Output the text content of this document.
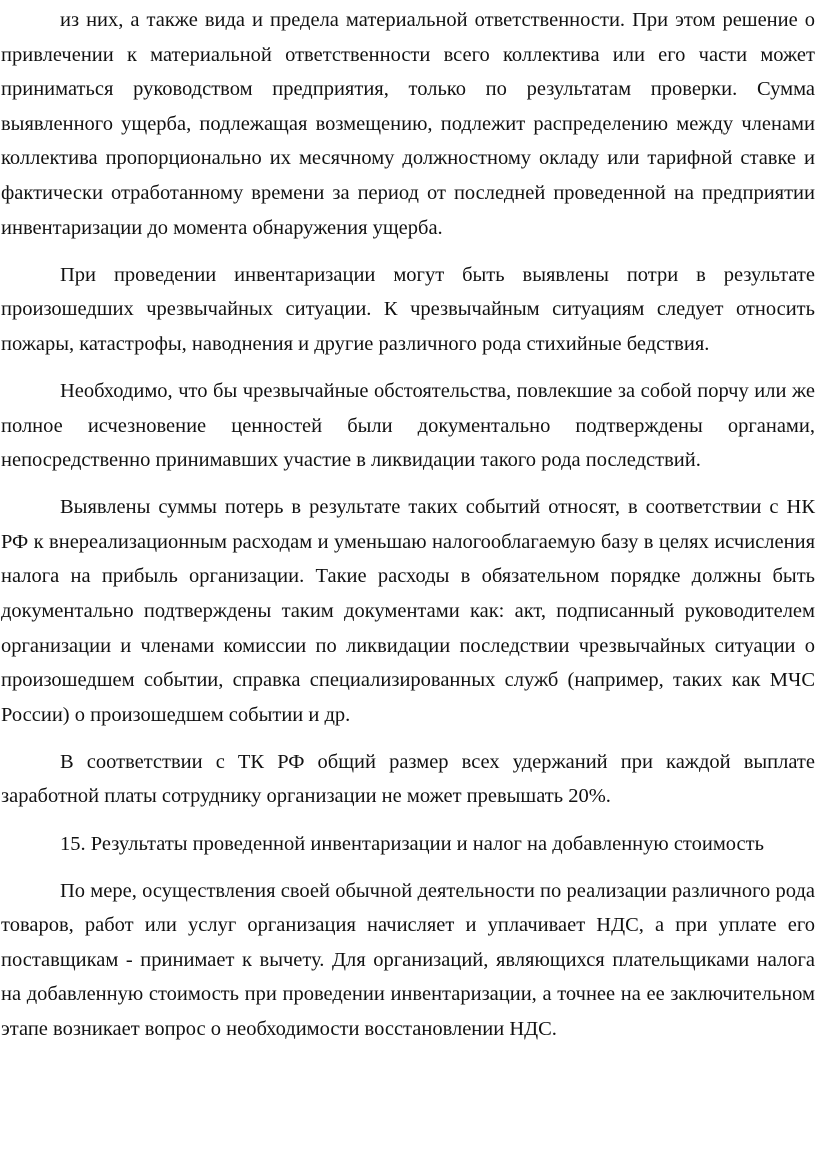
из них, а также вида и предела материальной ответственности. При этом решение о привлечении к материальной ответственности всего коллектива или его части может приниматься руководством предприятия, только по результатам проверки. Сумма выявленного ущерба, подлежащая возмещению, подлежит распределению между членами коллектива пропорционально их месячному должностному окладу или тарифной ставке и фактически отработанному времени за период от последней проведенной на предприятии инвентаризации до момента обнаружения ущерба.

При проведении инвентаризации могут быть выявлены потри в результате произошедших чрезвычайных ситуации. К чрезвычайным ситуациям следует относить пожары, катастрофы, наводнения и другие различного рода стихийные бедствия.

Необходимо, что бы чрезвычайные обстоятельства, повлекшие за собой порчу или же полное исчезновение ценностей были документально подтверждены органами, непосредственно принимавших участие в ликвидации такого рода последствий.

Выявлены суммы потерь в результате таких событий относят, в соответствии с НК РФ к внереализационным расходам и уменьшаю налогооблагаемую базу в целях исчисления налога на прибыль организации. Такие расходы в обязательном порядке должны быть документально подтверждены таким документами как: акт, подписанный руководителем организации и членами комиссии по ликвидации последствии чрезвычайных ситуации о произошедшем событии, справка специализированных служб (например, таких как МЧС России) о произошедшем событии и др.

В соответствии с ТК РФ общий размер всех удержаний при каждой выплате заработной платы сотруднику организации не может превышать 20%.

15. Результаты проведенной инвентаризации и налог на добавленную стоимость

По мере, осуществления своей обычной деятельности по реализации различного рода товаров, работ или услуг организация начисляет и уплачивает НДС, а при уплате его поставщикам - принимает к вычету. Для организаций, являющихся плательщиками налога на добавленную стоимость при проведении инвентаризации, а точнее на ее заключительном этапе возникает вопрос о необходимости восстановлении НДС.
